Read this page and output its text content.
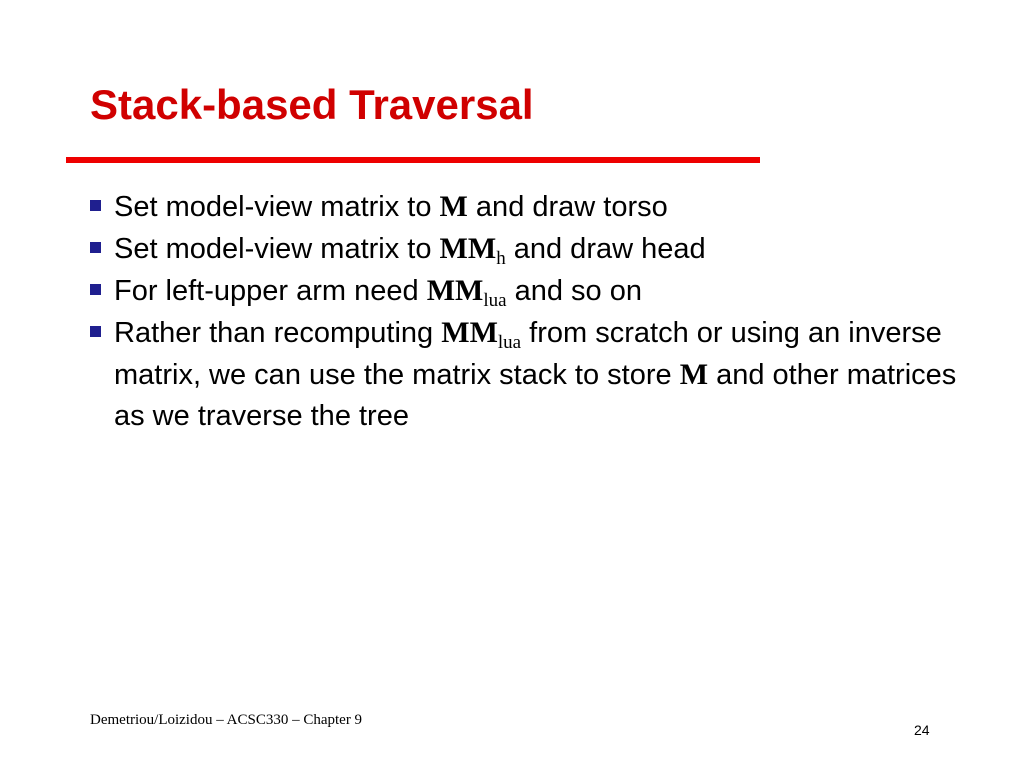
Stack-based Traversal
Set model-view matrix to M and draw torso
Set model-view matrix to $MM_h$ and draw head
For left-upper arm need $MM_{lua}$ and so on
Rather than recomputing $MM_{lua}$ from scratch or using an inverse matrix, we can use the matrix stack to store M and other matrices as we traverse the tree
Demetriou/Loizidou – ACSC330 – Chapter 9
24
